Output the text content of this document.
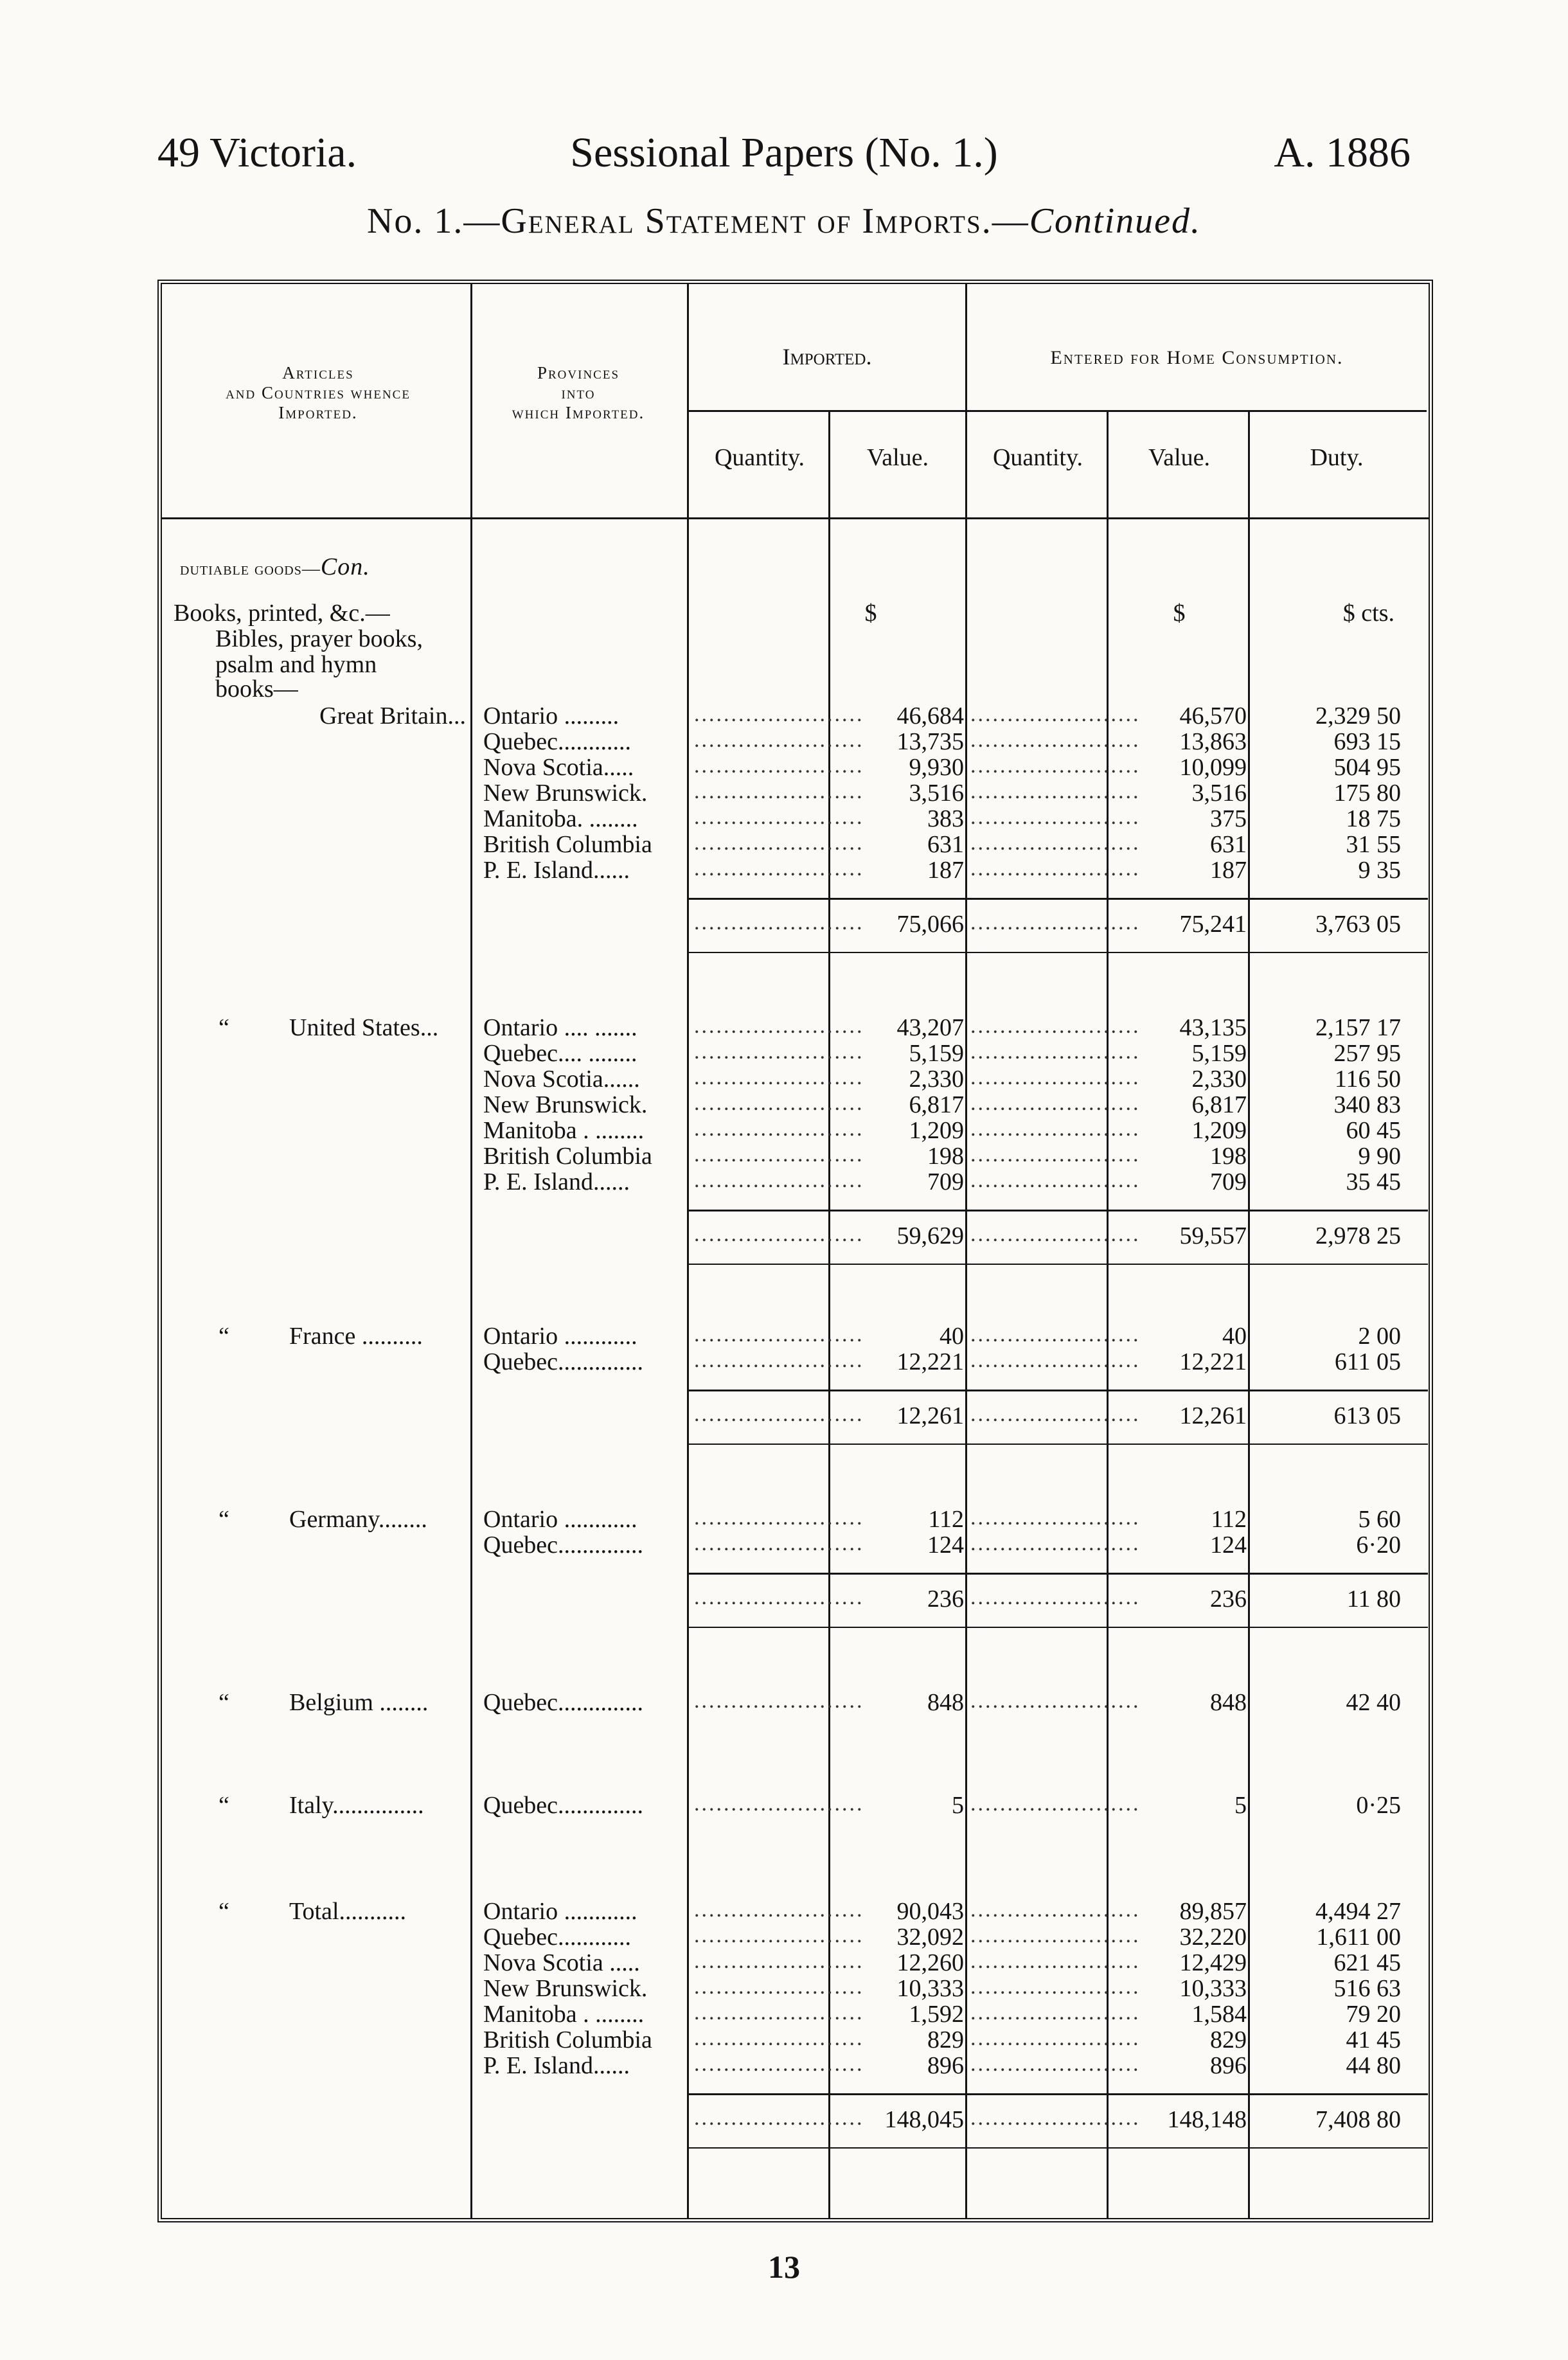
49 Victoria.	Sessional Papers (No. 1.)	A. 1886
No. 1.—General Statement of Imports.—Continued.
Articles
and Countries whence
Imported.
Provinces
into
which Imported.
Imported.	Entered for Home Consumption.
Quantity.	Value.	Quantity.	Value.	Duty.
dutiable goods—Con.
Books, printed, &c.—
Bibles, prayer books,
psalm and hymn
books—
$	$	$ cts.
Great Britain... Ontario .........	.......................	46,684 .......................	46,570	2,329 50
Quebec............	.......................	13,735 .......................	13,863	693 15
Nova Scotia.....	.......................	9,930 .......................	10,099	504 95
New Brunswick.	.......................	3,516 .......................	3,516	175 80
Manitoba. ........	.......................	383 .......................	375	18 75
British Columbia	.......................	631 .......................	631	31 55
P. E. Island......	.......................	187 .......................	187	9 35
.......................	75,066 .......................	75,241	3,763 05
“	United States...	Ontario .... .......	.......................	43,207 .......................	43,135	2,157 17
Quebec.... ........	.......................	5,159 .......................	5,159	257 95
Nova Scotia......	.......................	2,330 .......................	2,330	116 50
New Brunswick.	.......................	6,817 .......................	6,817	340 83
Manitoba . ........	.......................	1,209 .......................	1,209	60 45
British Columbia	.......................	198 .......................	198	9 90
P. E. Island......	.......................	709 .......................	709	35 45
.......................	59,629 .......................	59,557	2,978 25
“	France ..........	Ontario ............	.......................	40 .......................	40	2 00
Quebec..............	.......................	12,221 .......................	12,221	611 05
.......................	12,261 .......................	12,261	613 05
“	Germany........	Ontario ............	.......................	112 .......................	112	5 60
Quebec..............	.......................	124 .......................	124	6·20
.......................	236 .......................	236	11 80
“	Belgium ........	Quebec..............	.......................	848 .......................	848	42 40
“	Italy...............	Quebec..............	.......................	5 .......................	5	0·25
“	Total...........	Ontario ............	.......................	90,043 .......................	89,857	4,494 27
Quebec............	.......................	32,092 .......................	32,220	1,611 00
Nova Scotia .....	.......................	12,260 .......................	12,429	621 45
New Brunswick.	.......................	10,333 .......................	10,333	516 63
Manitoba . ........	.......................	1,592 .......................	1,584	79 20
British Columbia	.......................	829 .......................	829	41 45
P. E. Island......	.......................	896 .......................	896	44 80
....................... 148,045 .......................	148,148	7,408 80
13
